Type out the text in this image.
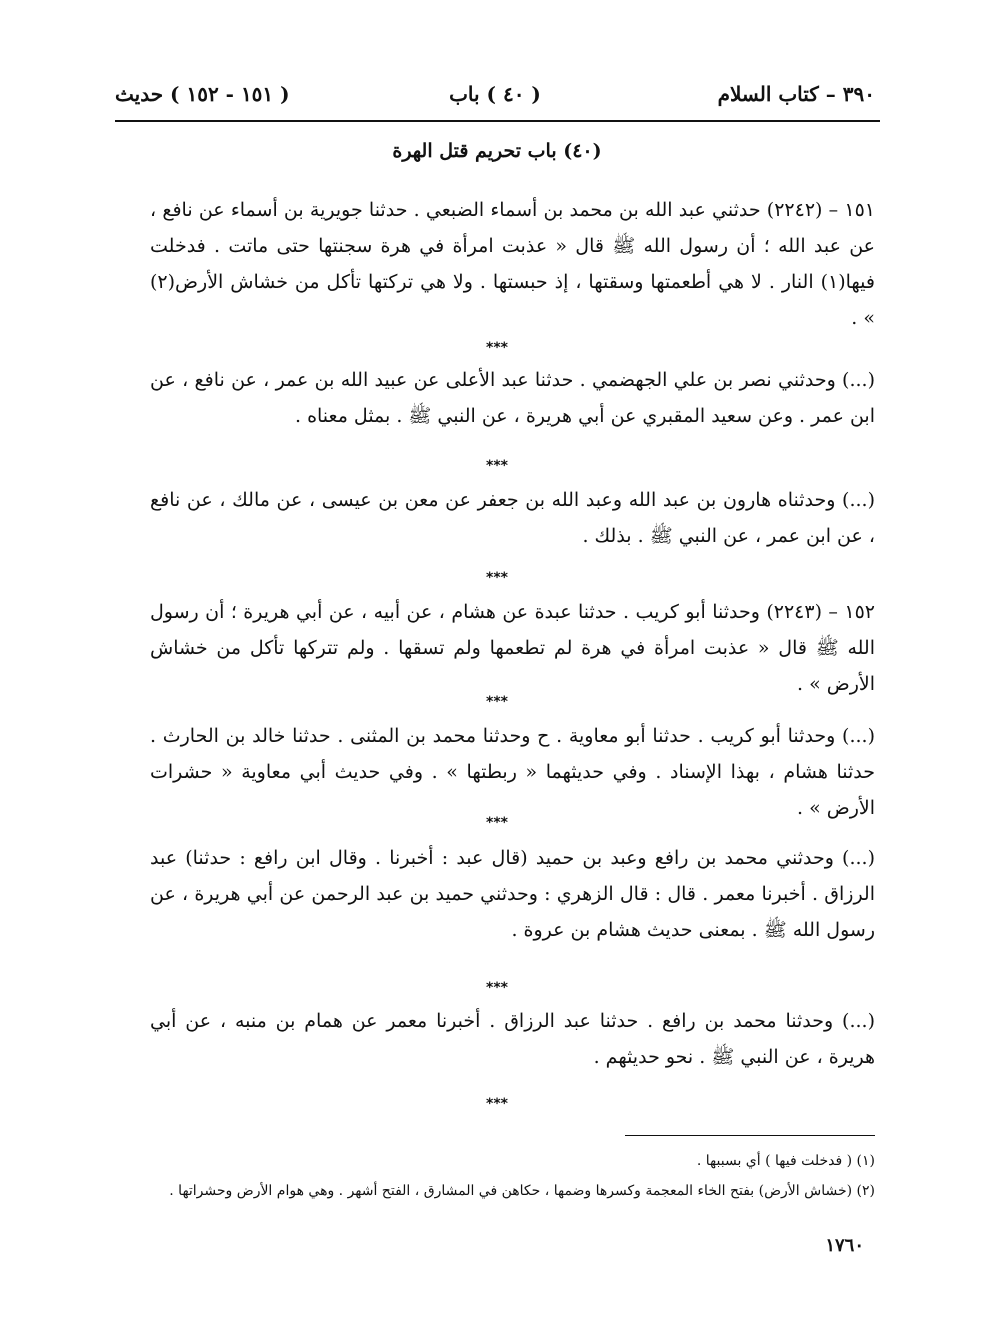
٣٩٠ – كتاب السلام
( ٤٠ ) باب
( ١٥١ - ١٥٢ ) حديث
(٤٠) باب تحريم قتل الهرة
١٥١ – (٢٢٤٢) حدثني عبد الله بن محمد بن أسماء الضبعي . حدثنا جويرية بن أسماء عن نافع ، عن عبد الله ؛ أن رسول الله ﷺ قال « عذبت امرأة في هرة سجنتها حتى ماتت . فدخلت فيها(١) النار . لا هي أطعمتها وسقتها ، إذ حبستها . ولا هي تركتها تأكل من خشاش الأرض(٢) » .
***
(...) وحدثني نصر بن علي الجهضمي . حدثنا عبد الأعلى عن عبيد الله بن عمر ، عن نافع ، عن ابن عمر . وعن سعيد المقبري عن أبي هريرة ، عن النبي ﷺ . بمثل معناه .
***
(...) وحدثناه هارون بن عبد الله وعبد الله بن جعفر عن معن بن عيسى ، عن مالك ، عن نافع ، عن ابن عمر ، عن النبي ﷺ . بذلك .
***
١٥٢ – (٢٢٤٣) وحدثنا أبو كريب . حدثنا عبدة عن هشام ، عن أبيه ، عن أبي هريرة ؛ أن رسول الله ﷺ قال « عذبت امرأة في هرة لم تطعمها ولم تسقها . ولم تتركها تأكل من خشاش الأرض » .
***
(...) وحدثنا أبو كريب . حدثنا أبو معاوية . ح وحدثنا محمد بن المثنى . حدثنا خالد بن الحارث . حدثنا هشام ، بهذا الإسناد . وفي حديثهما « ربطتها » . وفي حديث أبي معاوية « حشرات الأرض » .
***
(...) وحدثني محمد بن رافع وعبد بن حميد (قال عبد : أخبرنا . وقال ابن رافع : حدثنا) عبد الرزاق . أخبرنا معمر . قال : قال الزهري : وحدثني حميد بن عبد الرحمن عن أبي هريرة ، عن رسول الله ﷺ . بمعنى حديث هشام بن عروة .
***
(...) وحدثنا محمد بن رافع . حدثنا عبد الرزاق . أخبرنا معمر عن همام بن منبه ، عن أبي هريرة ، عن النبي ﷺ . نحو حديثهم .
***
(١) ( فدخلت فيها ) أي بسببها .
(٢) (خشاش الأرض) بفتح الخاء المعجمة وكسرها وضمها ، حكاهن في المشارق ، الفتح أشهر . وهي هوام الأرض وحشراتها .
١٧٦٠
